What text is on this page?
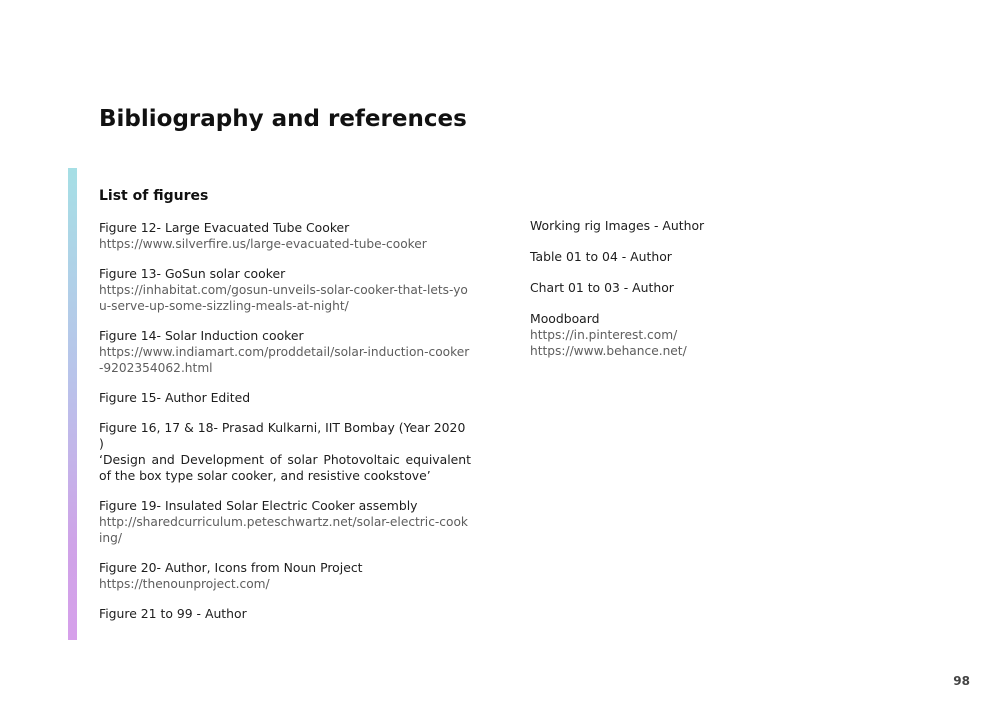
Bibliography and references
List of figures
Figure 12- Large Evacuated Tube Cooker
https://www.silverfire.us/large-evacuated-tube-cooker
Figure 13- GoSun solar cooker
https://inhabitat.com/gosun-unveils-solar-cooker-that-lets-you-serve-up-some-sizzling-meals-at-night/
Figure 14- Solar Induction cooker
https://www.indiamart.com/proddetail/solar-induction-cooker-9202354062.html
Figure 15- Author Edited
Figure 16, 17 & 18- Prasad Kulkarni, IIT Bombay (Year 2020 )
‘Design and Development of solar Photovoltaic equivalent of the box type solar cooker, and resistive cookstove’
Figure 19- Insulated Solar Electric Cooker assembly
http://sharedcurriculum.peteschwartz.net/solar-electric-cooking/
Figure 20- Author, Icons from Noun Project
https://thenounproject.com/
Figure 21 to 99 - Author
Working rig Images - Author
Table 01 to 04 - Author
Chart 01 to 03 - Author
Moodboard
https://in.pinterest.com/
https://www.behance.net/
98
